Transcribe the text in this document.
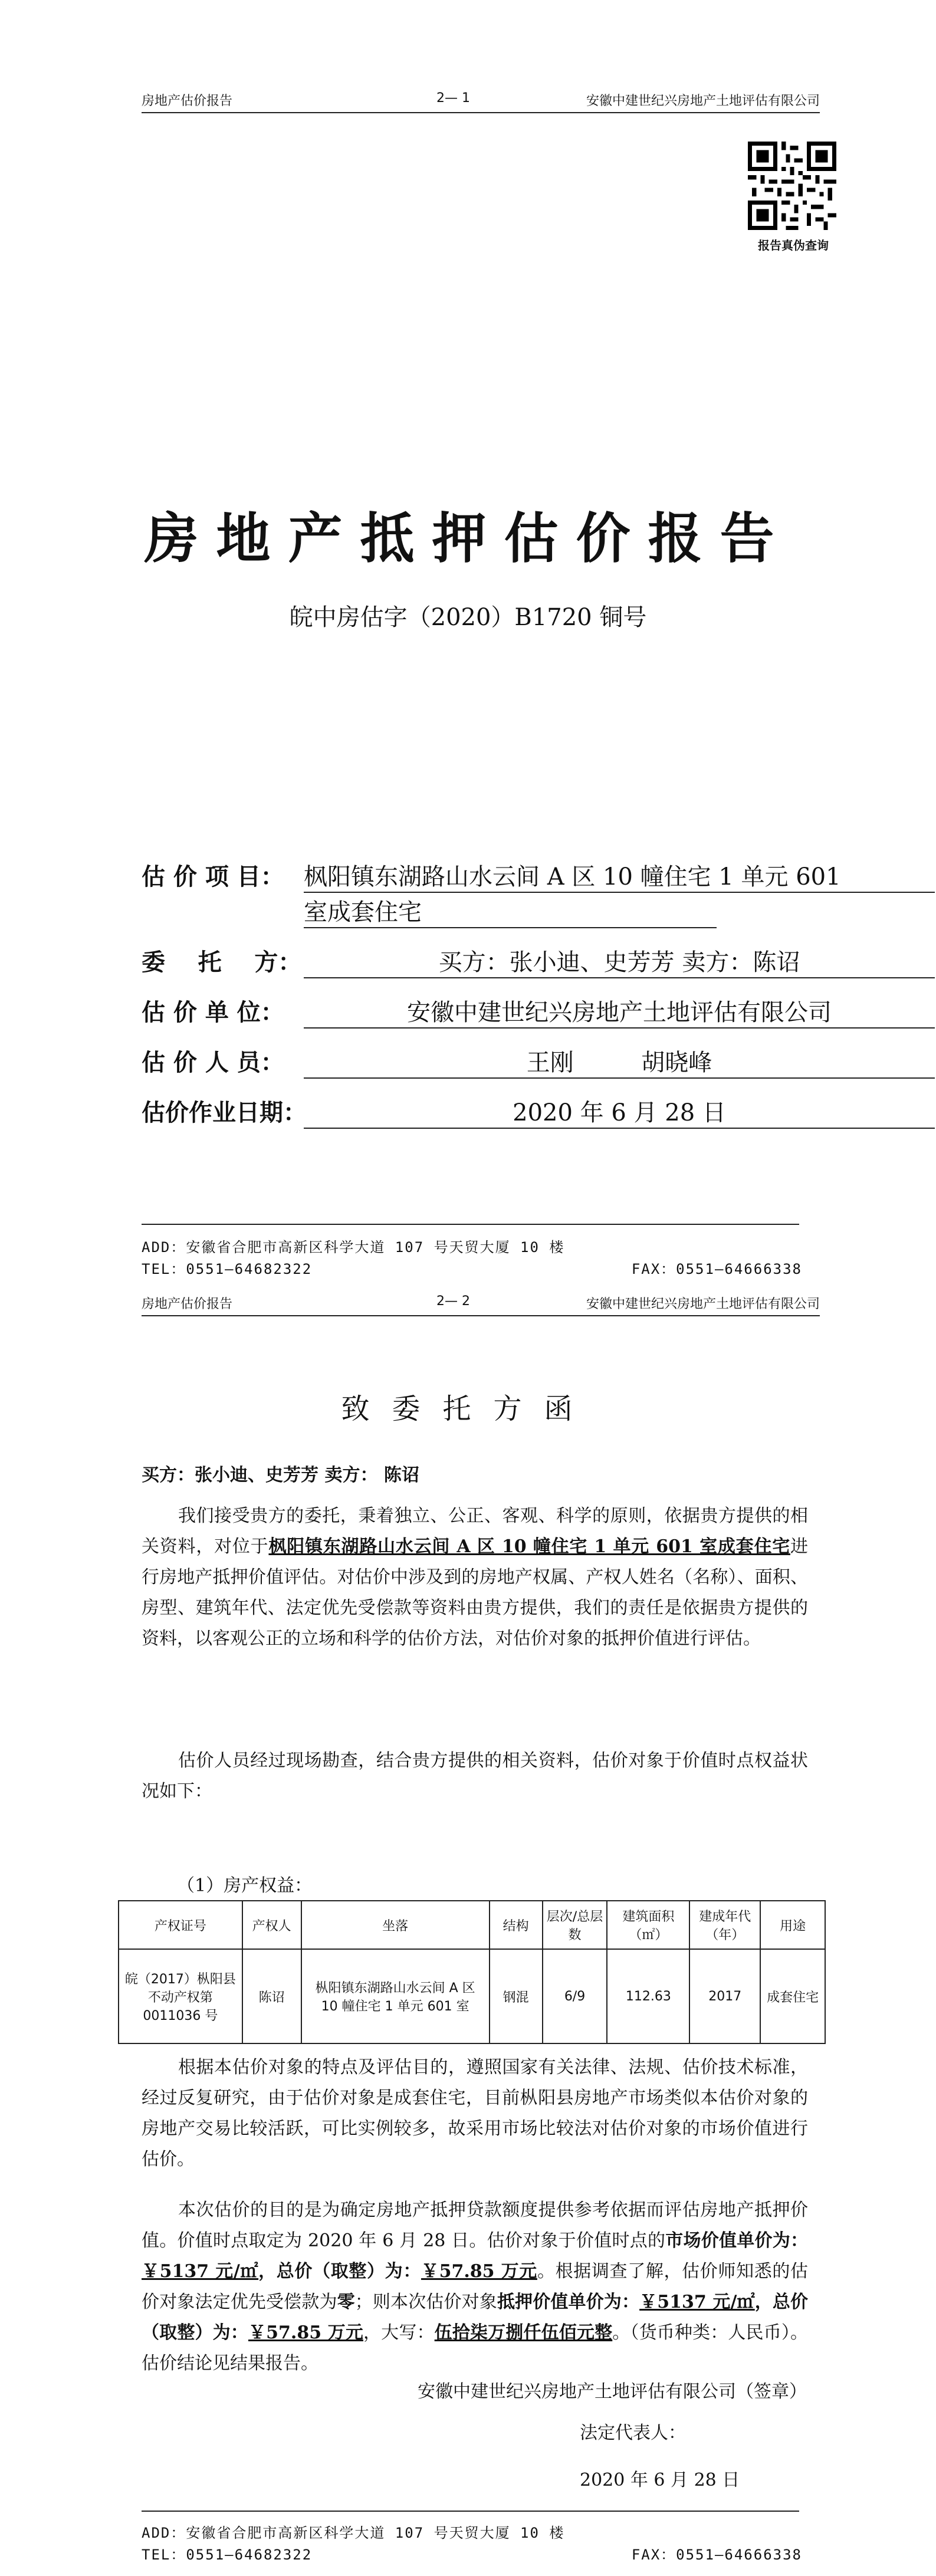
房地产估价报告	2— 1	安徽中建世纪兴房地产土地评估有限公司
报告真伪查询
房地产抵押估价报告
皖中房估字（2020）B1720 铜号
估 价 项 目： 枫阳镇东湖路山水云间 A 区 10 幢住宅 1 单元 601
室成套住宅
委    托    方：	买方：张小迪、史芳芳 卖方：陈诏
估 价 单 位：	安徽中建世纪兴房地产土地评估有限公司
估 价 人 员：	王刚         胡晓峰
估价作业日期：	2020 年 6 月 28 日
ADD：安徽省合肥市高新区科学大道 107 号天贸大厦 10 楼
TEL：0551—64682322	FAX：0551—64666338
房地产估价报告	2— 2	安徽中建世纪兴房地产土地评估有限公司
致委托方函
买方：张小迪、史芳芳 卖方： 陈诏
我们接受贵方的委托，秉着独立、公正、客观、科学的原则，依据贵方提供的相关资料，对位于枫阳镇东湖路山水云间 A 区 10 幢住宅 1 单元 601 室成套住宅进行房地产抵押价值评估。对估价中涉及到的房地产权属、产权人姓名（名称）、面积、房型、建筑年代、法定优先受偿款等资料由贵方提供，我们的责任是依据贵方提供的资料，以客观公正的立场和科学的估价方法，对估价对象的抵押价值进行评估。
估价人员经过现场勘查，结合贵方提供的相关资料，估价对象于价值时点权益状况如下：
（1）房产权益：
产权证号	产权人	坐落	结构	层次/总层数	建筑面积（㎡）	建成年代（年）	用途
皖（2017）枞阳县不动产权第 0011036 号	陈诏	枞阳镇东湖路山水云间 A 区 10 幢住宅 1 单元 601 室	钢混	6/9	112.63	2017	成套住宅
根据本估价对象的特点及评估目的，遵照国家有关法律、法规、估价技术标准，经过反复研究，由于估价对象是成套住宅，目前枞阳县房地产市场类似本估价对象的房地产交易比较活跃，可比实例较多，故采用市场比较法对估价对象的市场价值进行估价。
本次估价的目的是为确定房地产抵押贷款额度提供参考依据而评估房地产抵押价值。价值时点取定为 2020 年 6 月 28 日。估价对象于价值时点的市场价值单价为：￥5137 元/㎡，总价（取整）为：￥57.85 万元。根据调查了解，估价师知悉的估价对象法定优先受偿款为零；则本次估价对象抵押价值单价为：￥5137 元/㎡，总价（取整）为：￥57.85 万元，大写：伍拾柒万捌仟伍佰元整。（货币种类：人民币）。估价结论见结果报告。
安徽中建世纪兴房地产土地评估有限公司（签章）
法定代表人：
2020 年 6 月 28 日
ADD：安徽省合肥市高新区科学大道 107 号天贸大厦 10 楼
TEL：0551—64682322	FAX：0551—64666338
